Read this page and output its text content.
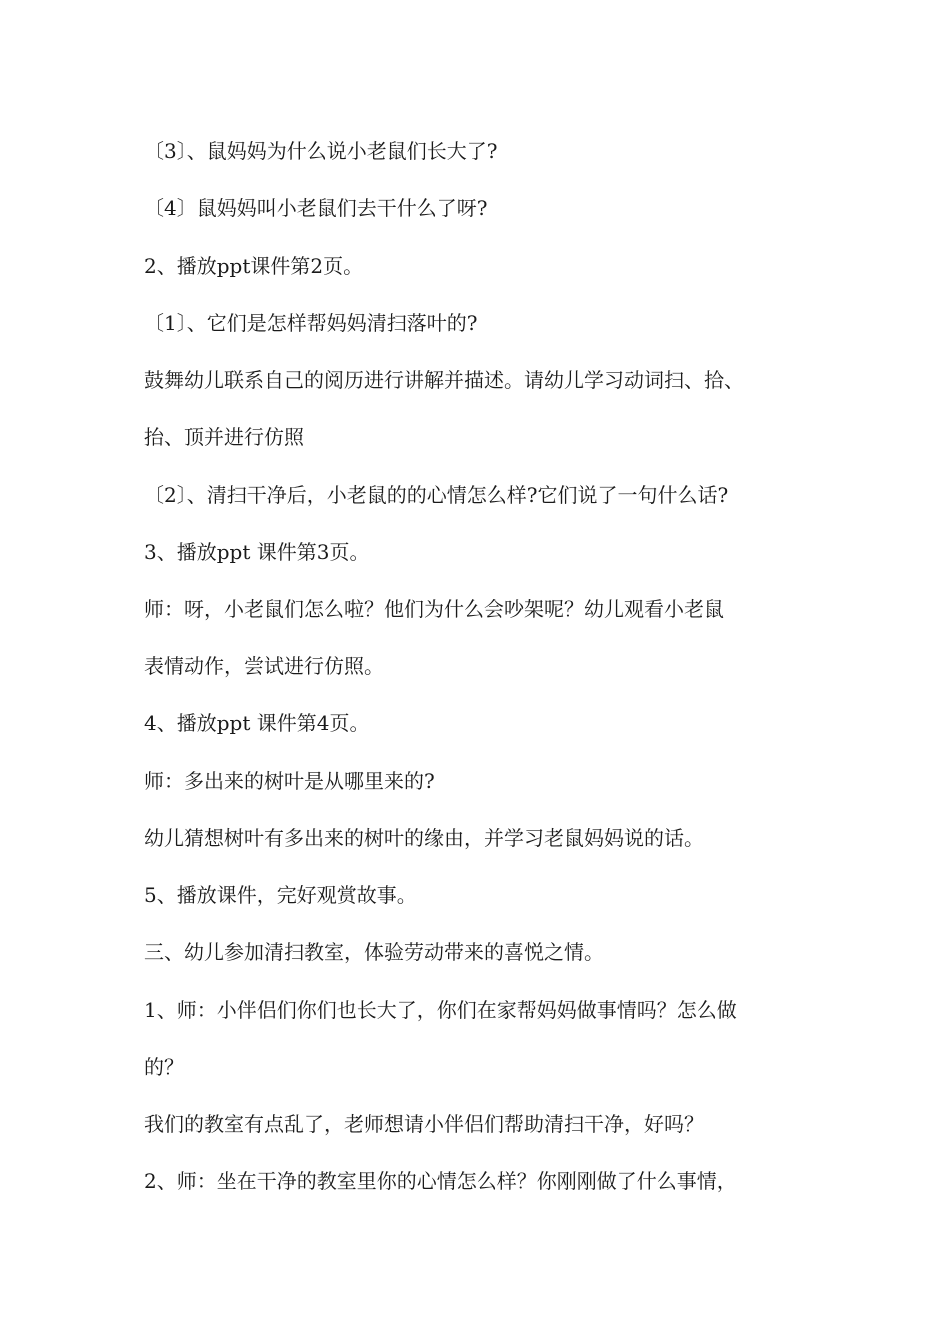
〔3〕、鼠妈妈为什么说小老鼠们长大了?
〔4〕鼠妈妈叫小老鼠们去干什么了呀?
2、播放ppt课件第2页。
〔1〕、它们是怎样帮妈妈清扫落叶的?
鼓舞幼儿联系自己的阅历进行讲解并描述。请幼儿学习动词扫、拾、
抬、顶并进行仿照
〔2〕、清扫干净后，小老鼠的的心情怎么样?它们说了一句什么话?
3、播放ppt 课件第3页。
师：呀，小老鼠们怎么啦？他们为什么会吵架呢？幼儿观看小老鼠
表情动作，尝试进行仿照。
4、播放ppt 课件第4页。
师：多出来的树叶是从哪里来的?
幼儿猜想树叶有多出来的树叶的缘由，并学习老鼠妈妈说的话。
5、播放课件，完好观赏故事。
三、幼儿参加清扫教室，体验劳动带来的喜悦之情。
1、师：小伴侣们你们也长大了，你们在家帮妈妈做事情吗？怎么做
的？
我们的教室有点乱了，老师想请小伴侣们帮助清扫干净，好吗？
2、师：坐在干净的教室里你的心情怎么样？你刚刚做了什么事情，
